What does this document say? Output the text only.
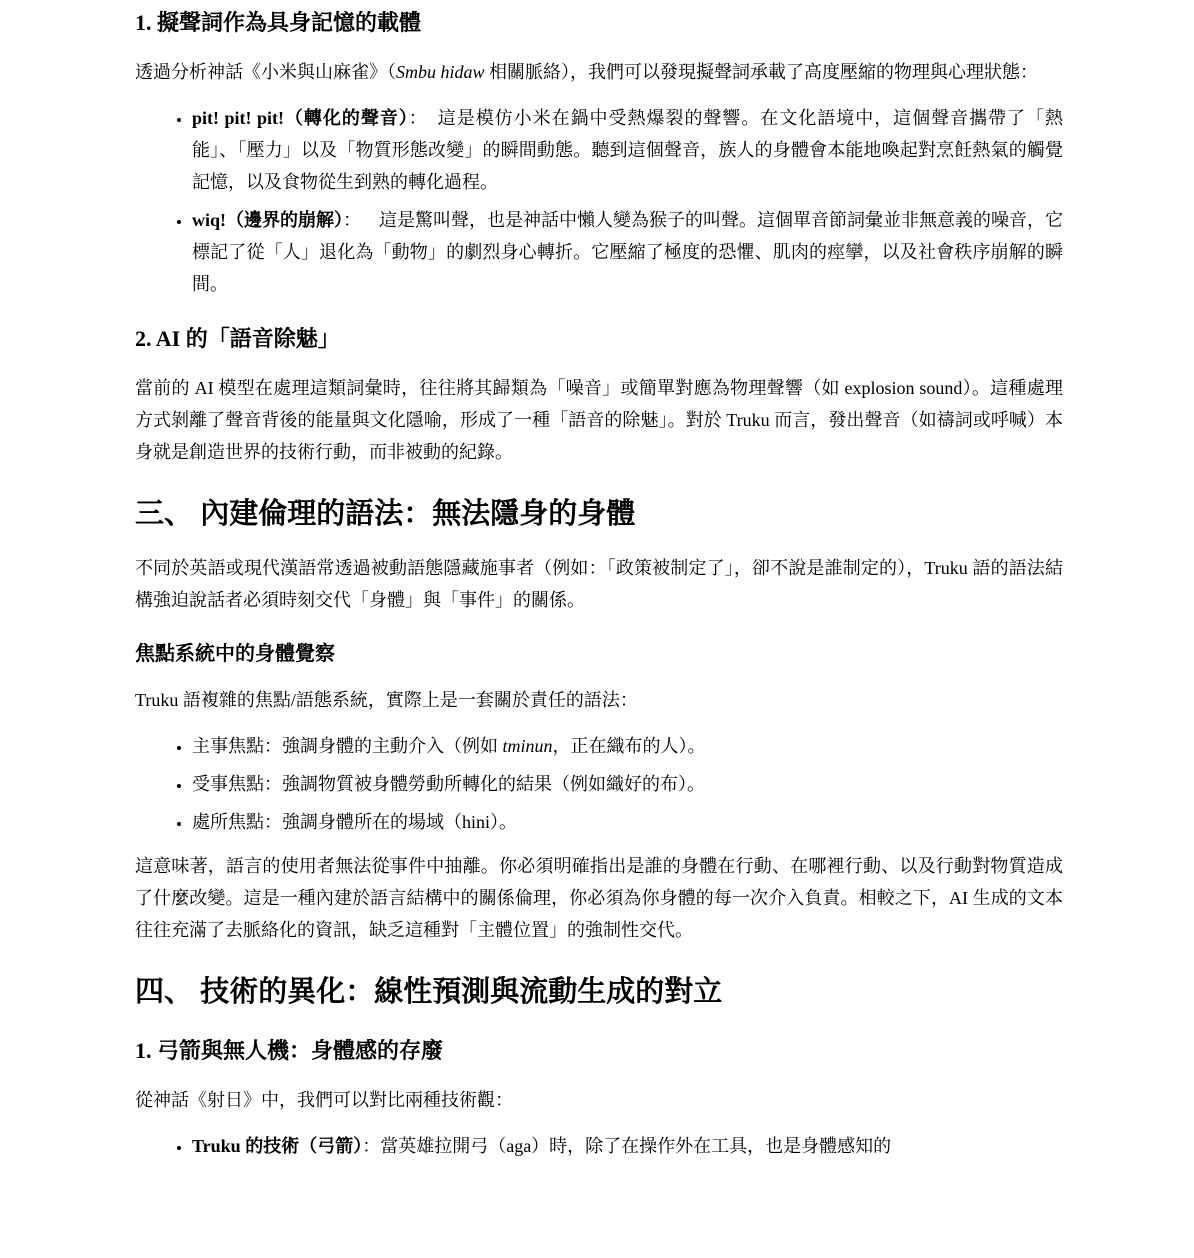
1. 擬聲詞作為具身記憶的載體

透過分析神話《小米與山麻雀》（Smbu hidaw 相關脈絡），我們可以發現擬聲詞承載了高度壓縮的物理與心理狀態：

• pit! pit! pit!（轉化的聲音）： 這是模仿小米在鍋中受熱爆裂的聲響。在文化語境中，這個聲音攜帶了「熱能」、「壓力」以及「物質形態改變」的瞬間動態。聽到這個聲音，族人的身體會本能地喚起對烹飪熱氣的觸覺記憶，以及食物從生到熟的轉化過程。
• wiq!（邊界的崩解）： 這是驚叫聲，也是神話中懶人變為猴子的叫聲。這個單音節詞彙並非無意義的噪音，它標記了從「人」退化為「動物」的劇烈身心轉折。它壓縮了極度的恐懼、肌肉的痙攣，以及社會秩序崩解的瞬間。
2. AI 的「語音除魅」

當前的 AI 模型在處理這類詞彙時，往往將其歸類為「噪音」或簡單對應為物理聲響（如 explosion sound）。這種處理方式剝離了聲音背後的能量與文化隱喻，形成了一種「語音的除魅」。對於 Truku 而言，發出聲音（如禱詞或呼喊）本身就是創造世界的技術行動，而非被動的紀錄。

三、 內建倫理的語法：無法隱身的身體

不同於英語或現代漢語常透過被動語態隱藏施事者（例如：「政策被制定了」，卻不說是誰制定的），Truku 語的語法結構強迫說話者必須時刻交代「身體」與「事件」的關係。

焦點系統中的身體覺察

Truku 語複雜的焦點/語態系統，實際上是一套關於責任的語法：

• 主事焦點：強調身體的主動介入（例如 tminun，正在織布的人）。
• 受事焦點：強調物質被身體勞動所轉化的結果（例如織好的布）。
• 處所焦點：強調身體所在的場域（hini）。

這意味著，語言的使用者無法從事件中抽離。你必須明確指出是誰的身體在行動、在哪裡行動、以及行動對物質造成了什麼改變。這是一種內建於語言結構中的關係倫理，你必須為你身體的每一次介入負責。相較之下，AI 生成的文本往往充滿了去脈絡化的資訊，缺乏這種對「主體位置」的強制性交代。

四、 技術的異化：線性預測與流動生成的對立
1. 弓箭與無人機：身體感的存廢

從神話《射日》中，我們可以對比兩種技術觀：

• Truku 的技術（弓箭）：當英雄拉開弓（aga）時，除了在操作外在工具，也是身體感知的
